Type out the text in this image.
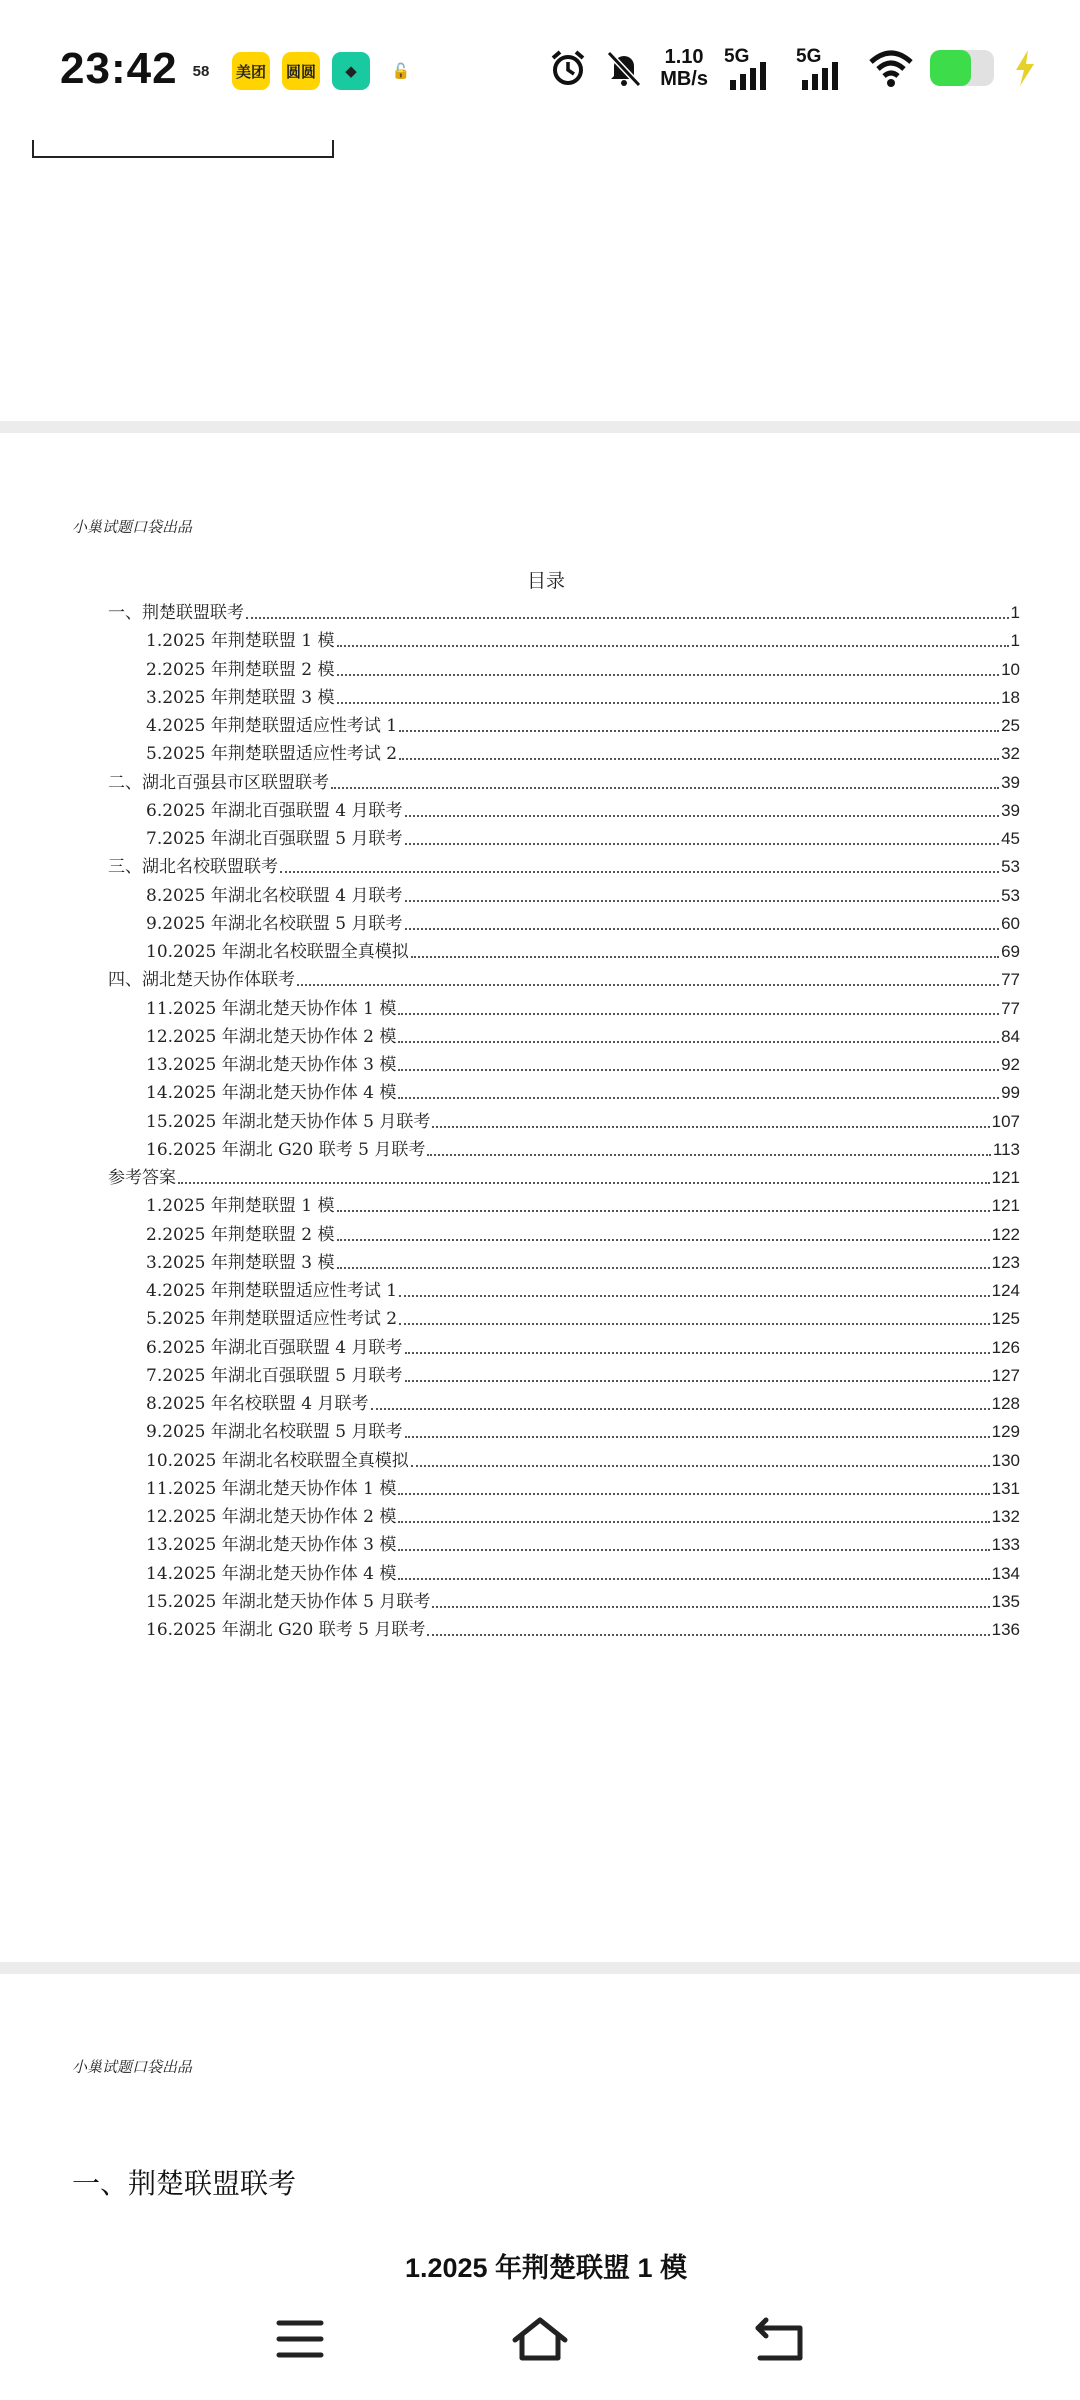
23:42	58	美团 圆圆	◆	🔓
1.10
MB/s
5G 5G
小巢试题口袋出品
目录
一、荆楚联盟联考	1
1.2025 年荆楚联盟 1 模	1
2.2025 年荆楚联盟 2 模	10
3.2025 年荆楚联盟 3 模	18
4.2025 年荆楚联盟适应性考试 1	25
5.2025 年荆楚联盟适应性考试 2	32
二、湖北百强县市区联盟联考	39
6.2025 年湖北百强联盟 4 月联考	39
7.2025 年湖北百强联盟 5 月联考	45
三、湖北名校联盟联考	53
8.2025 年湖北名校联盟 4 月联考	53
9.2025 年湖北名校联盟 5 月联考	60
10.2025 年湖北名校联盟全真模拟	69
四、湖北楚天协作体联考	77
11.2025 年湖北楚天协作体 1 模	77
12.2025 年湖北楚天协作体 2 模	84
13.2025 年湖北楚天协作体 3 模	92
14.2025 年湖北楚天协作体 4 模	99
15.2025 年湖北楚天协作体 5 月联考	107
16.2025 年湖北 G20 联考 5 月联考	113
参考答案	121
1.2025 年荆楚联盟 1 模	121
2.2025 年荆楚联盟 2 模	122
3.2025 年荆楚联盟 3 模	123
4.2025 年荆楚联盟适应性考试 1	124
5.2025 年荆楚联盟适应性考试 2	125
6.2025 年湖北百强联盟 4 月联考	126
7.2025 年湖北百强联盟 5 月联考	127
8.2025 年名校联盟 4 月联考	128
9.2025 年湖北名校联盟 5 月联考	129
10.2025 年湖北名校联盟全真模拟	130
11.2025 年湖北楚天协作体 1 模	131
12.2025 年湖北楚天协作体 2 模	132
13.2025 年湖北楚天协作体 3 模	133
14.2025 年湖北楚天协作体 4 模	134
15.2025 年湖北楚天协作体 5 月联考	135
16.2025 年湖北 G20 联考 5 月联考	136
小巢试题口袋出品
一、荆楚联盟联考
1.2025 年荆楚联盟 1 模
